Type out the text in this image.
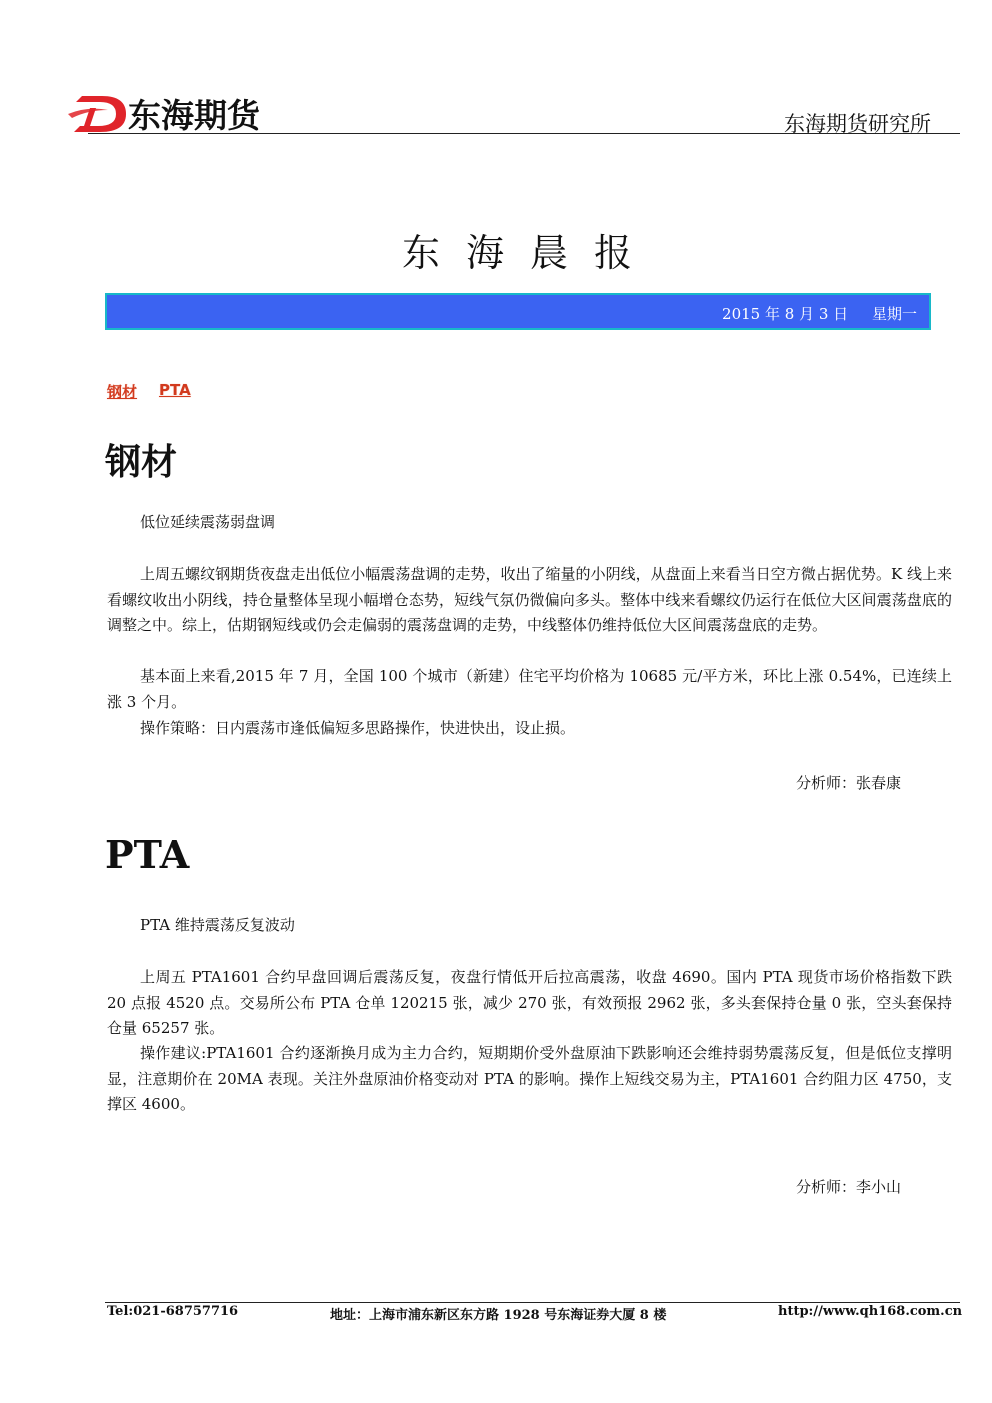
东海期货	东海期货研究所
东海晨报
2015 年 8 月 3 日     星期一
钢材 PTA
钢材
低位延续震荡弱盘调

上周五螺纹钢期货夜盘走出低位小幅震荡盘调的走势，收出了缩量的小阴线，从盘面上来看当日空方微占据优势。K 线上来看螺纹收出小阴线，持仓量整体呈现小幅增仓态势，短线气氛仍微偏向多头。整体中线来看螺纹仍运行在低位大区间震荡盘底的调整之中。综上，估期钢短线或仍会走偏弱的震荡盘调的走势，中线整体仍维持低位大区间震荡盘底的走势。

基本面上来看,2015 年 7 月，全国 100 个城市（新建）住宅平均价格为 10685 元/平方米，环比上涨 0.54%，已连续上涨 3 个月。

操作策略：日内震荡市逢低偏短多思路操作，快进快出，设止损。

分析师：张春康
PTA
PTA 维持震荡反复波动

上周五 PTA1601 合约早盘回调后震荡反复，夜盘行情低开后拉高震荡，收盘 4690。国内 PTA 现货市场价格指数下跌 20 点报 4520 点。交易所公布 PTA 仓单 120215 张，减少 270 张，有效预报 2962 张，多头套保持仓量 0 张，空头套保持仓量 65257 张。

操作建议:PTA1601 合约逐渐换月成为主力合约，短期期价受外盘原油下跌影响还会维持弱势震荡反复，但是低位支撑明显，注意期价在 20MA 表现。关注外盘原油价格变动对 PTA 的影响。操作上短线交易为主，PTA1601 合约阻力区 4750，支撑区 4600。

分析师：李小山
Tel:021-68757716	地址：上海市浦东新区东方路 1928 号东海证券大厦 8 楼	http://www.qh168.com.cn
